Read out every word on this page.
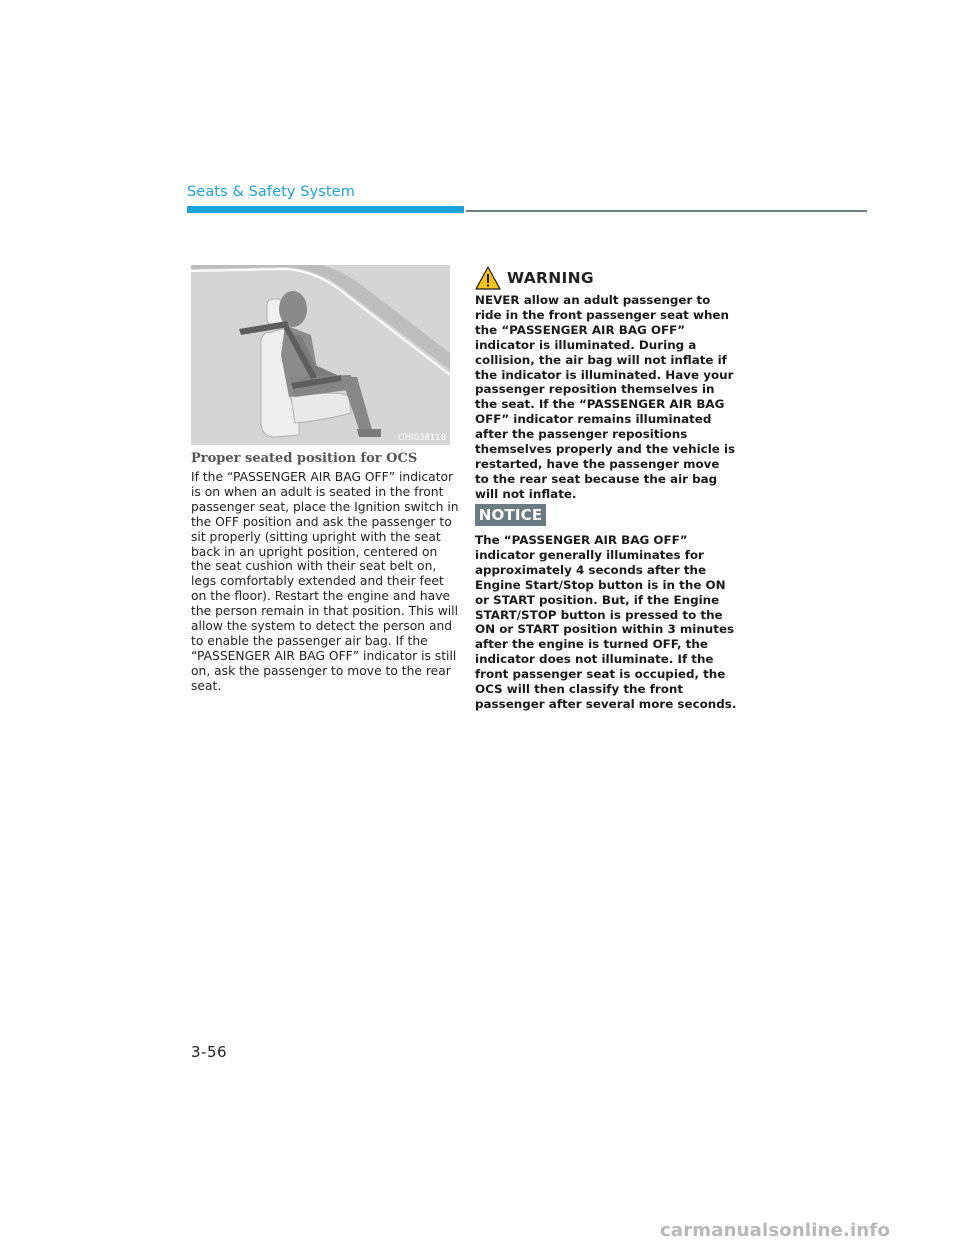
Seats & Safety System
OHI038118
Proper seated position for OCS
If the “PASSENGER AIR BAG OFF” indicator is on when an adult is seated in the front passenger seat, place the Ignition switch in the OFF position and ask the passenger to sit properly (sitting upright with the seat back in an upright position, centered on the seat cushion with their seat belt on, legs comfortably extended and their feet on the floor). Restart the engine and have the person remain in that position. This will allow the system to detect the person and to enable the passenger air bag. If the “PASSENGER AIR BAG OFF” indicator is still on, ask the passenger to move to the rear seat.
WARNING
NEVER allow an adult passenger to ride in the front passenger seat when the “PASSENGER AIR BAG OFF” indicator is illuminated. During a collision, the air bag will not inflate if the indicator is illuminated. Have your passenger reposition themselves in the seat. If the “PASSENGER AIR BAG OFF” indicator remains illuminated after the passenger repositions themselves properly and the vehicle is restarted, have the passenger move to the rear seat because the air bag will not inflate.
NOTICE
The “PASSENGER AIR BAG OFF” indicator generally illuminates for approximately 4 seconds after the Engine Start/Stop button is in the ON or START position. But, if the Engine START/STOP button is pressed to the ON or START position within 3 minutes after the engine is turned OFF, the indicator does not illuminate. If the front passenger seat is occupied, the OCS will then classify the front passenger after several more seconds.
3-56
carmanualsonline.info
